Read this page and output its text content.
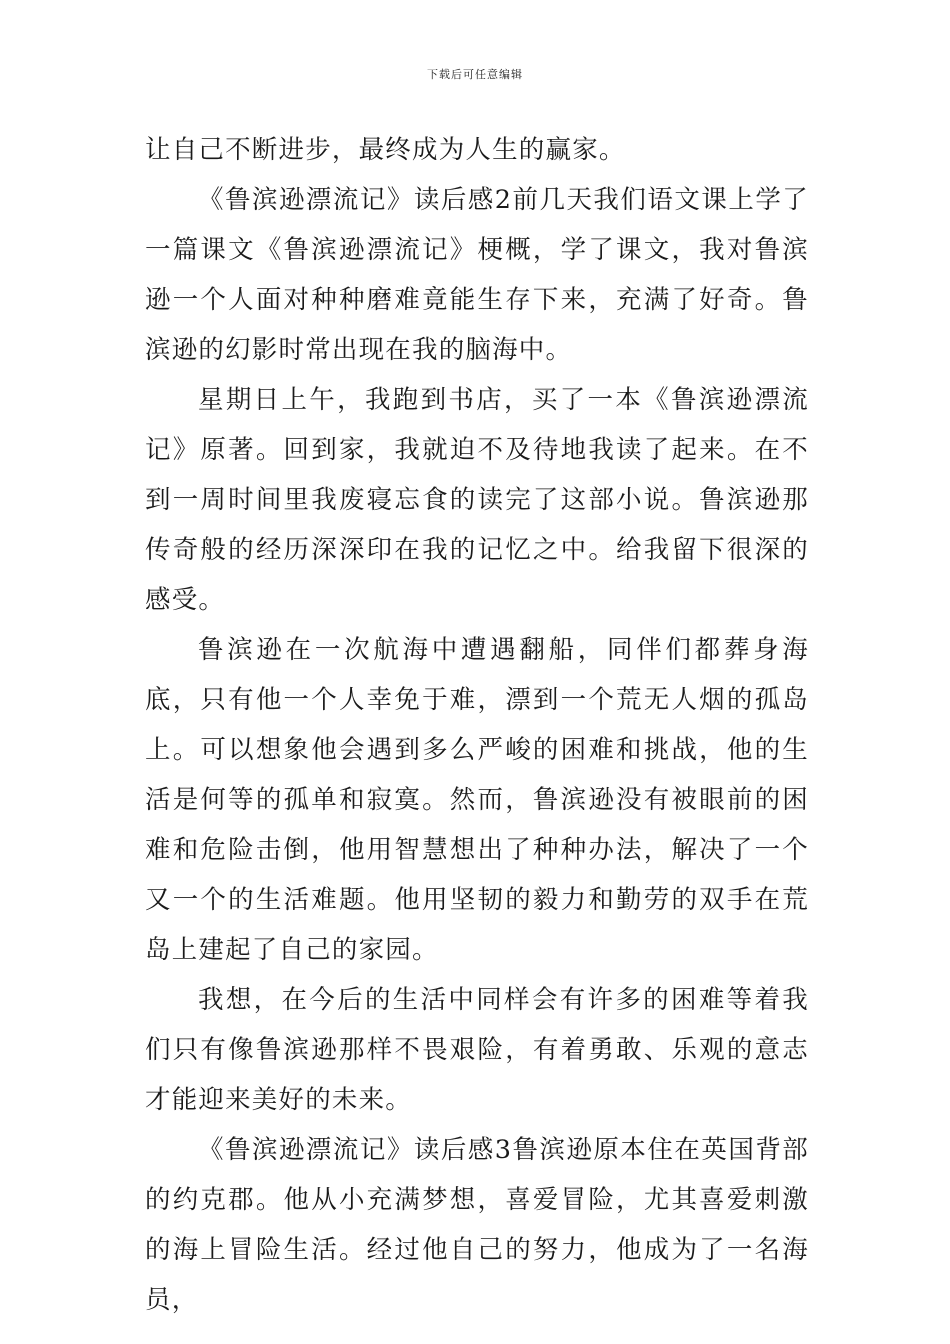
下载后可任意编辑

让自己不断进步，最终成为人生的赢家。

《鲁滨逊漂流记》读后感2前几天我们语文课上学了一篇课文《鲁滨逊漂流记》梗概，学了课文，我对鲁滨逊一个人面对种种磨难竟能生存下来，充满了好奇。鲁滨逊的幻影时常出现在我的脑海中。

星期日上午，我跑到书店，买了一本《鲁滨逊漂流记》原著。回到家，我就迫不及待地我读了起来。在不到一周时间里我废寝忘食的读完了这部小说。鲁滨逊那传奇般的经历深深印在我的记忆之中。给我留下很深的感受。

鲁滨逊在一次航海中遭遇翻船，同伴们都葬身海底，只有他一个人幸免于难，漂到一个荒无人烟的孤岛上。可以想象他会遇到多么严峻的困难和挑战，他的生活是何等的孤单和寂寞。然而，鲁滨逊没有被眼前的困难和危险击倒，他用智慧想出了种种办法，解决了一个又一个的生活难题。他用坚韧的毅力和勤劳的双手在荒岛上建起了自己的家园。

我想，在今后的生活中同样会有许多的困难等着我们只有像鲁滨逊那样不畏艰险，有着勇敢、乐观的意志才能迎来美好的未来。

《鲁滨逊漂流记》读后感3鲁滨逊原本住在英国背部的约克郡。他从小充满梦想，喜爱冒险，尤其喜爱刺激的海上冒险生活。经过他自己的努力，他成为了一名海员，
